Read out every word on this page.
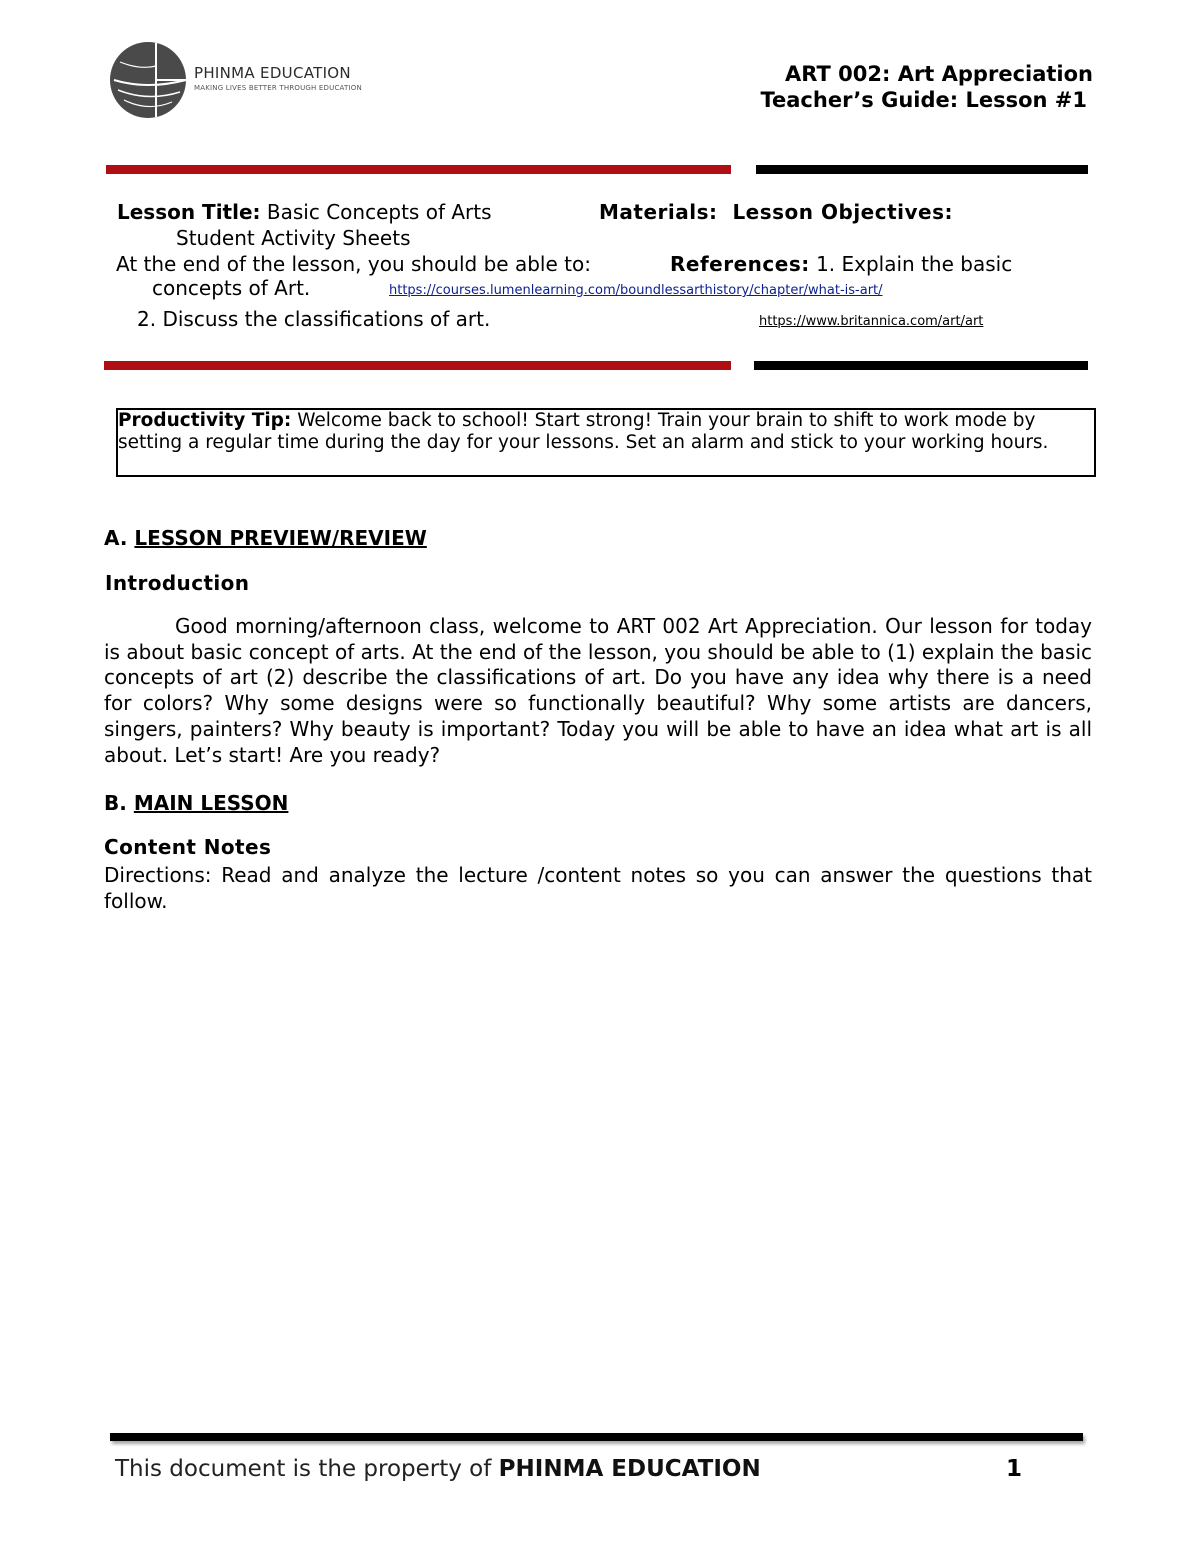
PHINMA EDUCATION
MAKING LIVES BETTER THROUGH EDUCATION
ART 002: Art Appreciation
Teacher’s Guide: Lesson #1
Lesson Title: Basic Concepts of Arts	Materials: Lesson Objectives:
Student Activity Sheets
At the end of the lesson, you should be able to:	References: 1. Explain the basic
concepts of Art.	https://courses.lumenlearning.com/boundlessarthistory/chapter/what-is-art/
2. Discuss the classifications of art.	https://www.britannica.com/art/art
Productivity Tip: Welcome back to school! Start strong! Train your brain to shift to work mode by setting a regular time during the day for your lessons. Set an alarm and stick to your working hours.
A. LESSON PREVIEW/REVIEW
Introduction
Good morning/afternoon class, welcome to ART 002 Art Appreciation. Our lesson for today is about basic concept of arts. At the end of the lesson, you should be able to (1) explain the basic concepts of art (2) describe the classifications of art. Do you have any idea why there is a need for colors? Why some designs were so functionally beautiful? Why some artists are dancers, singers, painters? Why beauty is important? Today you will be able to have an idea what art is all about. Let’s start! Are you ready?
B. MAIN LESSON
Content Notes
Directions: Read and analyze the lecture /content notes so you can answer the questions that follow.
This document is the property of PHINMA EDUCATION	1
